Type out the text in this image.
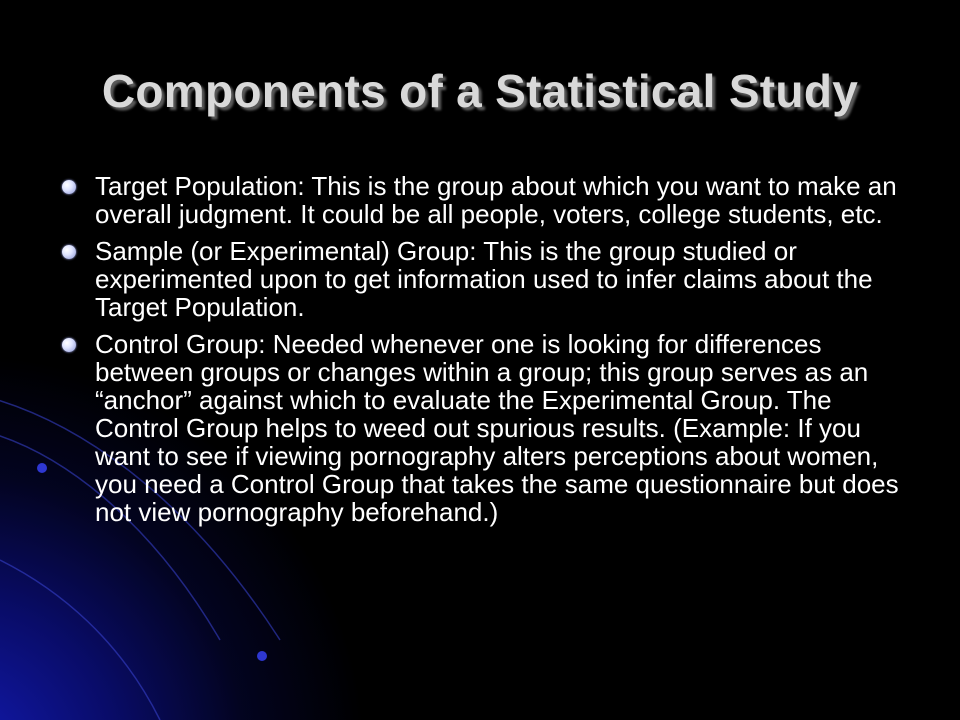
Components of a Statistical Study
Target Population: This is the group about which you want to make an overall judgment. It could be all people, voters, college students, etc.
Sample (or Experimental) Group: This is the group studied or experimented upon to get information used to infer claims about the Target Population.
Control Group: Needed whenever one is looking for differences between groups or changes within a group; this group serves as an “anchor” against which to evaluate the Experimental Group. The Control Group helps to weed out spurious results. (Example: If you want to see if viewing pornography alters perceptions about women, you need a Control Group that takes the same questionnaire but does not view pornography beforehand.)
